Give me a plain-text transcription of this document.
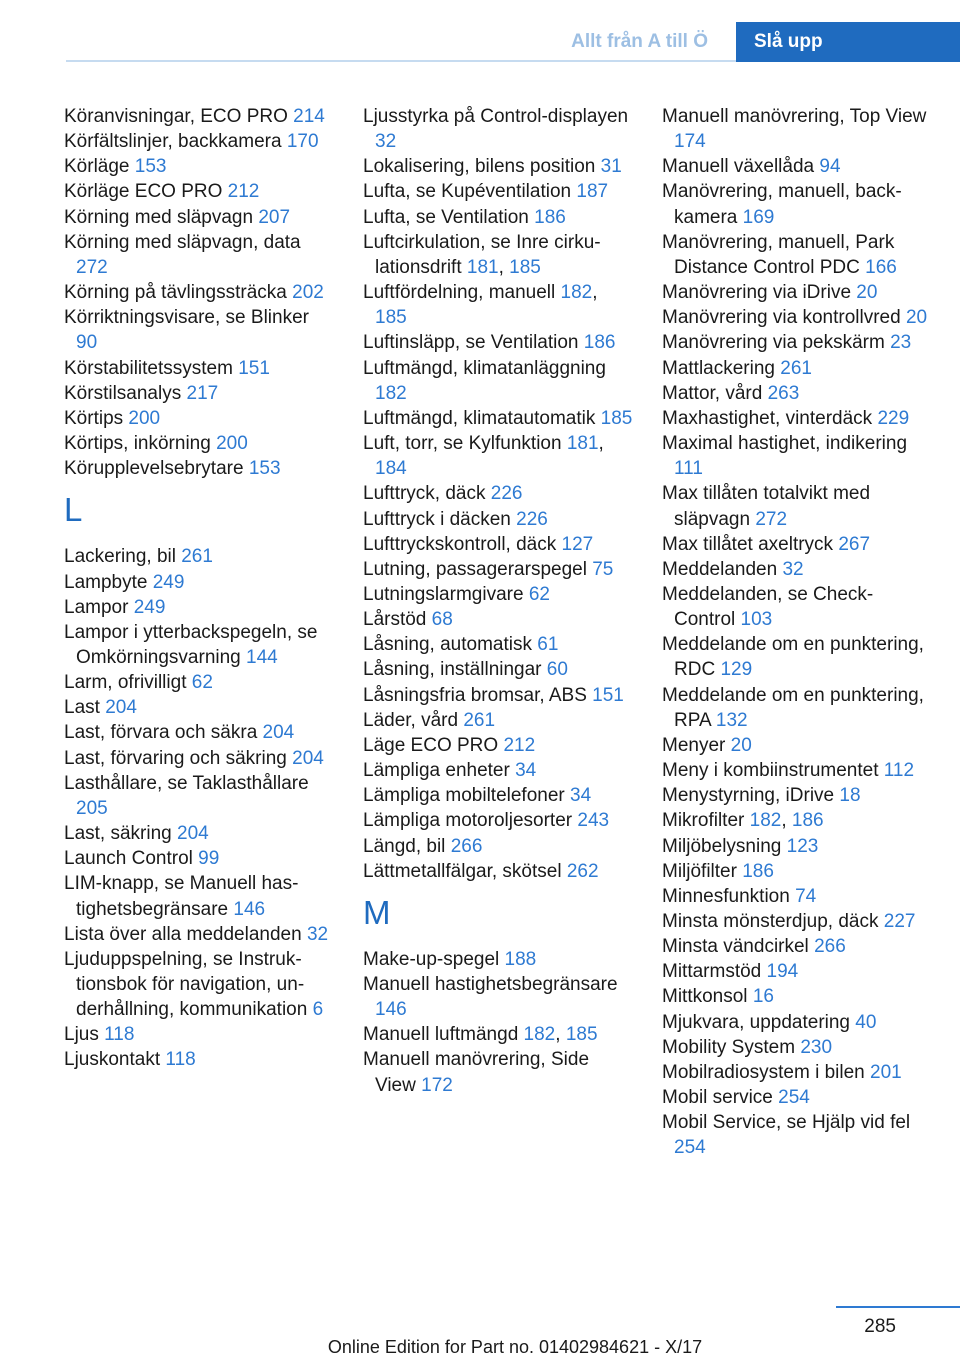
Allt från A till Ö	Slå upp
Köranvisningar, ECO PRO 214
Körfältslinjer, backkamera 170
Körläge 153
Körläge ECO PRO 212
Körning med släpvagn 207
Körning med släpvagn, data 272
Körning på tävlingssträcka 202
Körriktningsvisare, se Blinker 90
Körstabilitetssystem 151
Körstilsanalys 217
Körtips 200
Körtips, inkörning 200
Körupplevelsebrytare 153
L
Lackering, bil 261
Lampbyte 249
Lampor 249
Lampor i ytterbackspegeln, se Omkörningsvarning 144
Larm, ofrivilligt 62
Last 204
Last, förvara och säkra 204
Last, förvaring och säkring 204
Lasthållare, se Taklasthållare 205
Last, säkring 204
Launch Control 99
LIM-knapp, se Manuell hastighetsbegränsare 146
Lista över alla meddelanden 32
Ljuduppspelning, se Instruktionsbok för navigation, underhållning, kommunikation 6
Ljus 118
Ljuskontakt 118
Ljusstyrka på Control-displayen 32
Lokalisering, bilens position 31
Lufta, se Kupéventilation 187
Lufta, se Ventilation 186
Luftcirkulation, se Inre cirkulationsdrift 181, 185
Luftfördelning, manuell 182, 185
Luftinsläpp, se Ventilation 186
Luftmängd, klimatanläggning 182
Luftmängd, klimatautomatik 185
Luft, torr, se Kylfunktion 181, 184
Lufttryck, däck 226
Lufttryck i däcken 226
Lufttryckskontroll, däck 127
Lutning, passagerarspegel 75
Lutningslarmgivare 62
Lårstöd 68
Låsning, automatisk 61
Låsning, inställningar 60
Låsningsfria bromsar, ABS 151
Läder, vård 261
Läge ECO PRO 212
Lämpliga enheter 34
Lämpliga mobiltelefoner 34
Lämpliga motoroljesorter 243
Längd, bil 266
Lättmetallfälgar, skötsel 262
M
Make-up-spegel 188
Manuell hastighetsbegränsare 146
Manuell luftmängd 182, 185
Manuell manövrering, Side View 172
Manuell manövrering, Top View 174
Manuell växellåda 94
Manövrering, manuell, backkamera 169
Manövrering, manuell, Park Distance Control PDC 166
Manövrering via iDrive 20
Manövrering via kontrollvred 20
Manövrering via pekskärm 23
Mattlackering 261
Mattor, vård 263
Maxhastighet, vinterdäck 229
Maximal hastighet, indikering 111
Max tillåten totalvikt med släpvagn 272
Max tillåtet axeltryck 267
Meddelanden 32
Meddelanden, se Check-Control 103
Meddelande om en punktering, RDC 129
Meddelande om en punktering, RPA 132
Menyer 20
Meny i kombiinstrumentet 112
Menystyrning, iDrive 18
Mikrofilter 182, 186
Miljöbelysning 123
Miljöfilter 186
Minnesfunktion 74
Minsta mönsterdjup, däck 227
Minsta vändcirkel 266
Mittarmstöd 194
Mittkonsol 16
Mjukvara, uppdatering 40
Mobility System 230
Mobilradiosystem i bilen 201
Mobil service 254
Mobil Service, se Hjälp vid fel 254
285
Online Edition for Part no. 01402984621 - X/17
